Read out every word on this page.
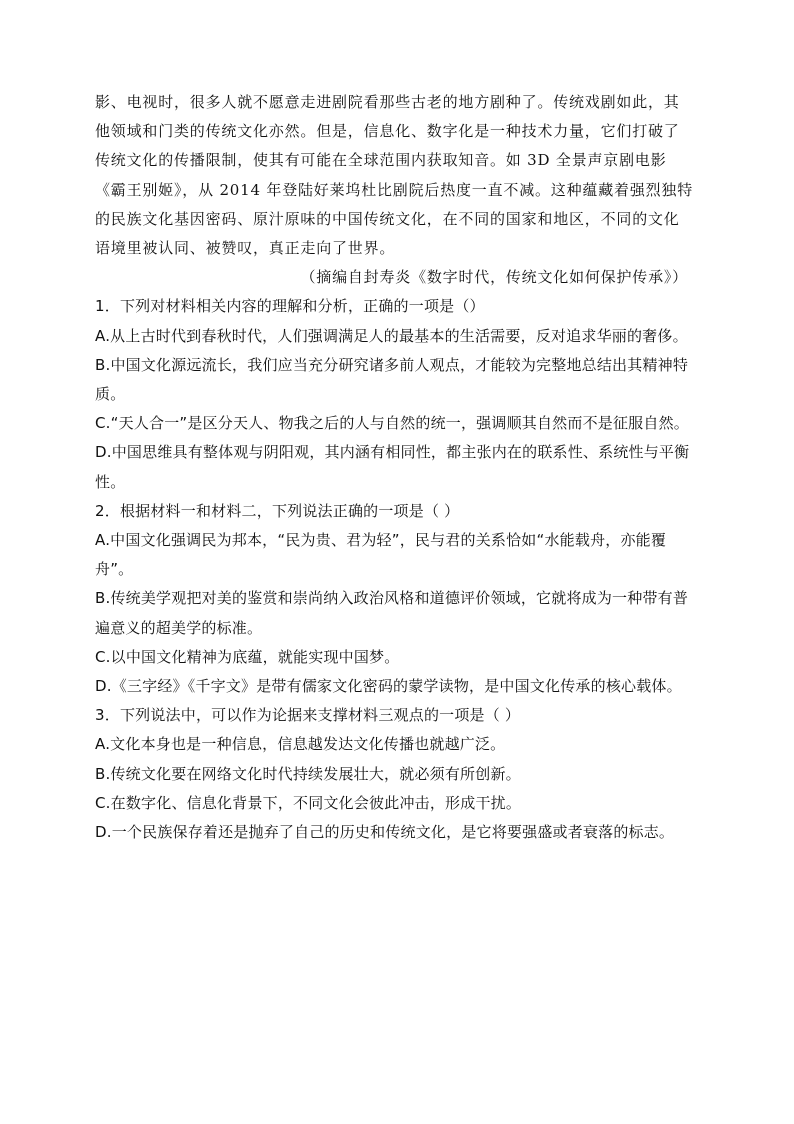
影、电视时，很多人就不愿意走进剧院看那些古老的地方剧种了。传统戏剧如此，其他领域和门类的传统文化亦然。但是，信息化、数字化是一种技术力量，它们打破了传统文化的传播限制，使其有可能在全球范围内获取知音。如 3D 全景声京剧电影《霸王别姬》，从 2014 年登陆好莱坞杜比剧院后热度一直不减。这种蕴藏着强烈独特的民族文化基因密码、原汁原味的中国传统文化，在不同的国家和地区，不同的文化语境里被认同、被赞叹，真正走向了世界。

（摘编自封寿炎《数字时代，传统文化如何保护传承》）

1．下列对材料相关内容的理解和分析，正确的一项是（）

A.从上古时代到春秋时代，人们强调满足人的最基本的生活需要，反对追求华丽的奢侈。

B.中国文化源远流长，我们应当充分研究诸多前人观点，才能较为完整地总结出其精神特质。

C.“天人合一”是区分天人、物我之后的人与自然的统一，强调顺其自然而不是征服自然。

D.中国思维具有整体观与阴阳观，其内涵有相同性，都主张内在的联系性、系统性与平衡性。

2．根据材料一和材料二，下列说法正确的一项是（ ）

A.中国文化强调民为邦本，“民为贵、君为轻”，民与君的关系恰如“水能载舟，亦能覆舟”。

B.传统美学观把对美的鉴赏和崇尚纳入政治风格和道德评价领域，它就将成为一种带有普遍意义的超美学的标准。

C.以中国文化精神为底蕴，就能实现中国梦。

D.《三字经》《千字文》是带有儒家文化密码的蒙学读物，是中国文化传承的核心载体。

3．下列说法中，可以作为论据来支撑材料三观点的一项是（ ）

A.文化本身也是一种信息，信息越发达文化传播也就越广泛。

B.传统文化要在网络文化时代持续发展壮大，就必须有所创新。

C.在数字化、信息化背景下，不同文化会彼此冲击，形成干扰。

D.一个民族保存着还是抛弃了自己的历史和传统文化，是它将要强盛或者衰落的标志。
